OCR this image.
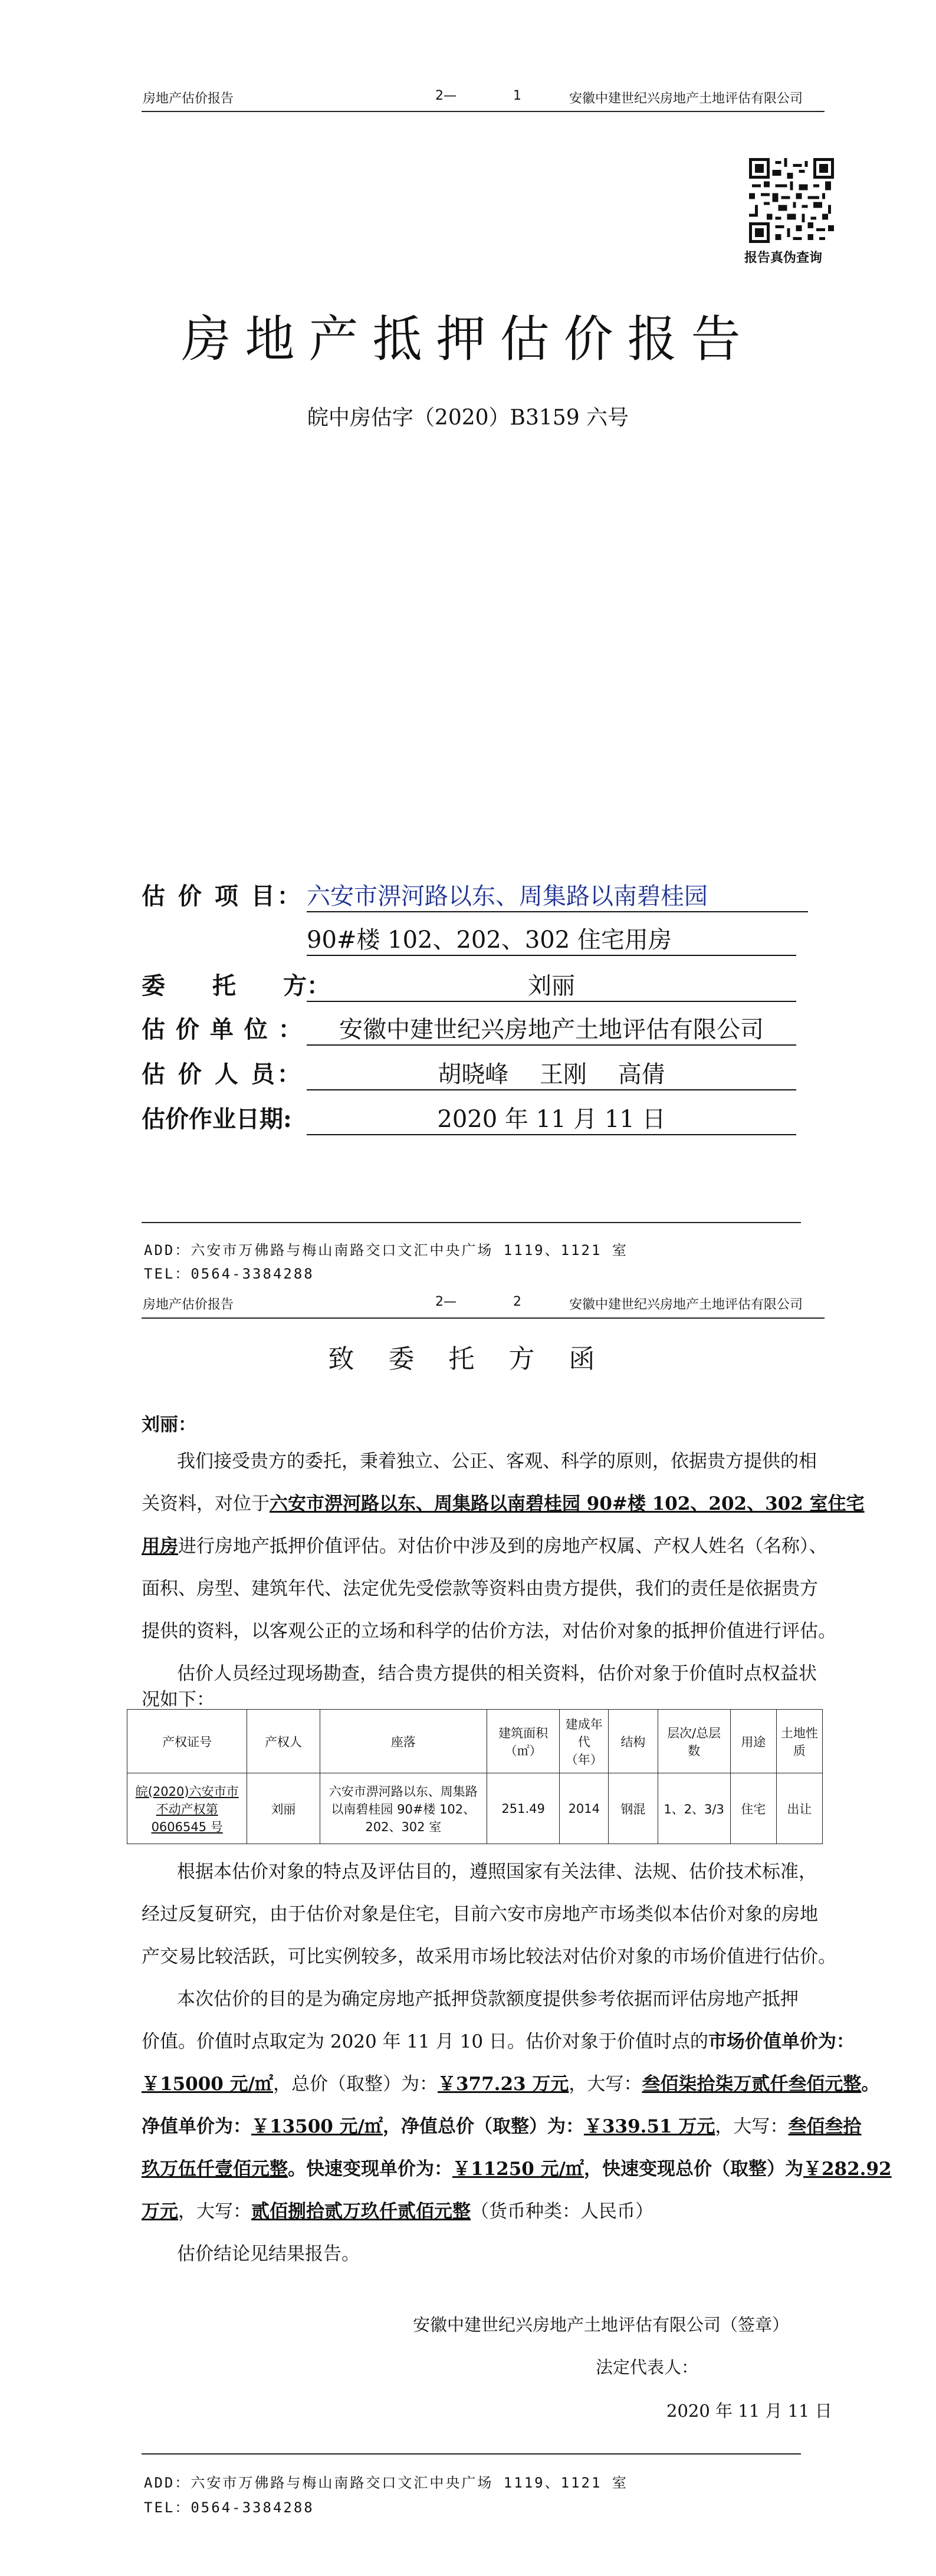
房地产估价报告	2—	1	安徽中建世纪兴房地产土地评估有限公司
报告真伪查询
房地产抵押估价报告
皖中房估字（2020）B3159 六号
估 价 项 目： 六安市淠河路以东、周集路以南碧桂园
90#楼 102、202、302 住宅用房
委　　托　　方：	刘丽
估 价 单 位 ：	安徽中建世纪兴房地产土地评估有限公司
估 价 人 员：	胡晓峰　 王刚　 高倩
估价作业日期:	2020 年 11 月 11 日
ADD：六安市万佛路与梅山南路交口文汇中央广场 1119、1121 室
TEL：0564-3384288
房地产估价报告	2—	2	安徽中建世纪兴房地产土地评估有限公司
致 委 托 方 函
刘丽：
我们接受贵方的委托，秉着独立、公正、客观、科学的原则，依据贵方提供的相
关资料，对位于六安市淠河路以东、周集路以南碧桂园 90#楼 102、202、302 室住宅
用房进行房地产抵押价值评估。对估价中涉及到的房地产权属、产权人姓名（名称）、
面积、房型、建筑年代、法定优先受偿款等资料由贵方提供，我们的责任是依据贵方
提供的资料，以客观公正的立场和科学的估价方法，对估价对象的抵押价值进行评估。
估价人员经过现场勘查，结合贵方提供的相关资料，估价对象于价值时点权益状
况如下：
产权证号	产权人	座落	建筑面积（㎡）	建成年代（年）	结构	层次/总层数	用途	土地性质
皖(2020)六安市市不动产权第 0606545 号	刘丽	六安市淠河路以东、周集路以南碧桂园 90#楼 102、202、302 室	251.49	2014	钢混	1、2、3/3	住宅	出让
根据本估价对象的特点及评估目的，遵照国家有关法律、法规、估价技术标准，
经过反复研究，由于估价对象是住宅，目前六安市房地产市场类似本估价对象的房地
产交易比较活跃，可比实例较多，故采用市场比较法对估价对象的市场价值进行估价。
本次估价的目的是为确定房地产抵押贷款额度提供参考依据而评估房地产抵押
价值。价值时点取定为 2020 年 11 月 10 日。估价对象于价值时点的市场价值单价为：
￥15000 元/㎡，总价（取整）为：￥377.23 万元，大写：叁佰柒拾柒万贰仟叁佰元整。
净值单价为：￥13500 元/㎡，净值总价（取整）为：￥339.51 万元，大写：叁佰叁拾
玖万伍仟壹佰元整。快速变现单价为：￥11250 元/㎡，快速变现总价（取整）为￥282.92
万元，大写：贰佰捌拾贰万玖仟贰佰元整（货币种类：人民币）
估价结论见结果报告。
安徽中建世纪兴房地产土地评估有限公司（签章）
法定代表人：
2020 年 11 月 11 日
ADD：六安市万佛路与梅山南路交口文汇中央广场 1119、1121 室
TEL：0564-3384288
